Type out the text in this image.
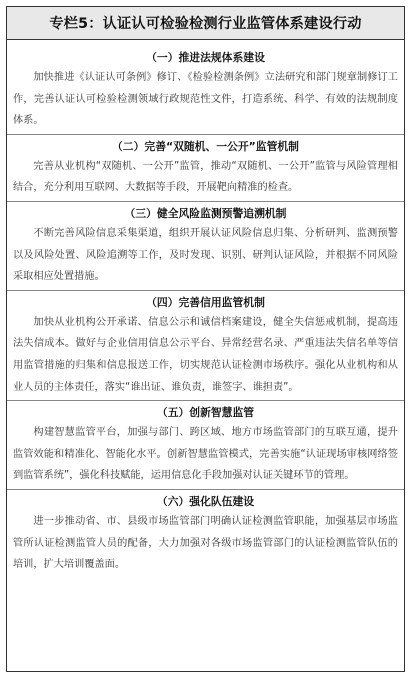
专栏5：认证认可检验检测行业监管体系建设行动
（一）推进法规体系建设

加快推进《认证认可条例》修订、《检验检测条例》立法研究和部门规章制修订工作，完善认证认可检验检测领域行政规范性文件，打造系统、科学、有效的法规制度体系。

（二）完善“双随机、一公开”监管机制

完善从业机构“双随机、一公开”监管，推动“双随机、一公开”监管与风险管理相结合，充分利用互联网、大数据等手段，开展靶向精准的检查。

（三）健全风险监测预警追溯机制

不断完善风险信息采集渠道，组织开展认证风险信息归集、分析研判、监测预警以及风险处置、风险追溯等工作，及时发现、识别、研判认证风险，并根据不同风险采取相应处置措施。

（四）完善信用监管机制

加快从业机构公开承诺、信息公示和诚信档案建设，健全失信惩戒机制，提高违法失信成本。做好与企业信用信息公示平台、异常经营名录、严重违法失信名单等信用监管措施的归集和信息报送工作，切实规范认证检测市场秩序。强化从业机构和从业人员的主体责任，落实“谁出证、谁负责，谁签字、谁担责”。

（五）创新智慧监管

构建智慧监管平台，加强与部门、跨区域、地方市场监管部门的互联互通，提升监管效能和精准化、智能化水平。创新智慧监管模式，完善实施“认证现场审核网络签到监管系统”，强化科技赋能，运用信息化手段加强对认证关键环节的管理。

（六）强化队伍建设

进一步推动省、市、县级市场监管部门明确认证检测监管职能，加强基层市场监管所认证检测监管人员的配备，大力加强对各级市场监管部门的认证检测监管队伍的培训，扩大培训覆盖面。
